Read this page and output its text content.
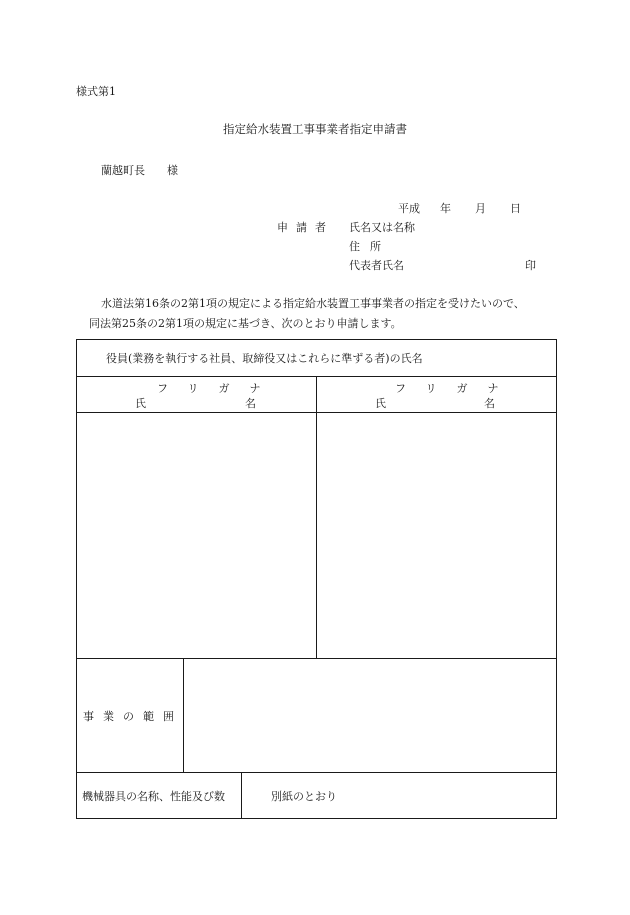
様式第1
指定給水装置工事事業者指定申請書
蘭越町長　　様
平成 年 月 日
申請者 氏名又は名称
住所
代表者氏名	印
水道法第16条の2第1項の規定による指定給水装置工事事業者の指定を受けたいので、
同法第25条の2第1項の規定に基づき、次のとおり申請します。
役員(業務を執行する社員、取締役又はこれらに準ずる者)の氏名
フリガナ
氏	名
フリガナ
氏	名
事業の範囲
機械器具の名称、性能及び数	別紙のとおり
